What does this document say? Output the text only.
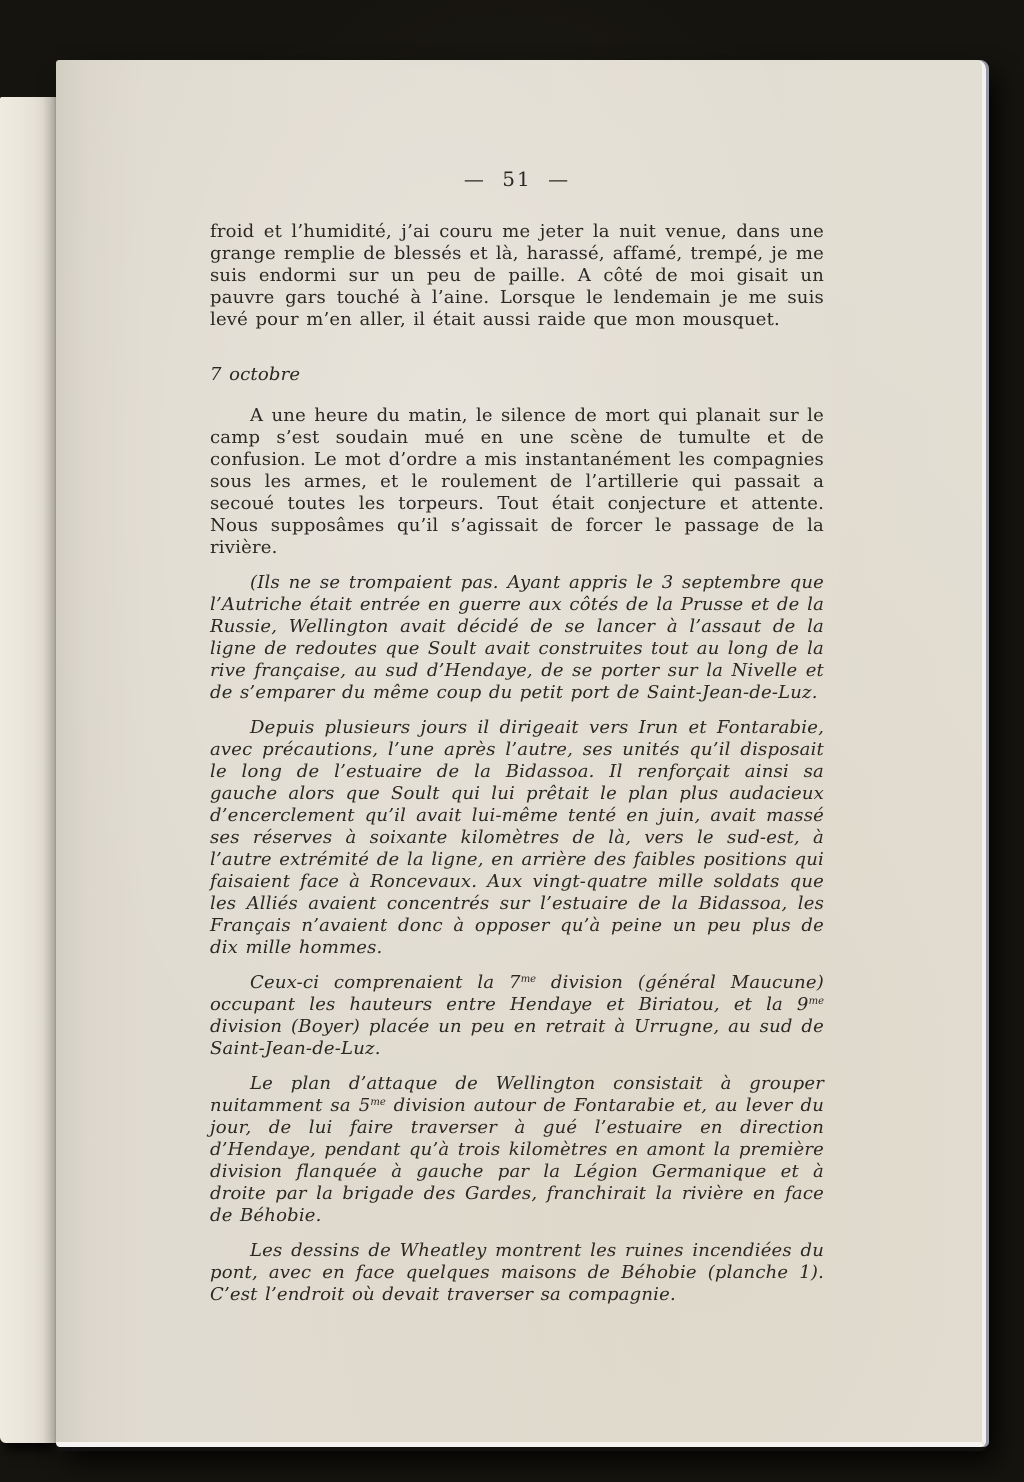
— 51 —

froid et l’humidité, j’ai couru me jeter la nuit venue, dans une grange remplie de blessés et là, harassé, affamé, trempé, je me suis endormi sur un peu de paille. A côté de moi gisait un pauvre gars touché à l’aine. Lorsque le lendemain je me suis levé pour m’en aller, il était aussi raide que mon mousquet.

7 octobre

A une heure du matin, le silence de mort qui planait sur le camp s’est soudain mué en une scène de tumulte et de confusion. Le mot d’ordre a mis instantanément les compagnies sous les armes, et le roulement de l’artillerie qui passait a secoué toutes les torpeurs. Tout était conjecture et attente. Nous supposâmes qu’il s’agissait de forcer le passage de la rivière.

(Ils ne se trompaient pas. Ayant appris le 3 septembre que l’Autriche était entrée en guerre aux côtés de la Prusse et de la Russie, Wellington avait décidé de se lancer à l’assaut de la ligne de redoutes que Soult avait construites tout au long de la rive française, au sud d’Hendaye, de se porter sur la Nivelle et de s’emparer du même coup du petit port de Saint-Jean-de-Luz.

Depuis plusieurs jours il dirigeait vers Irun et Fontarabie, avec précautions, l’une après l’autre, ses unités qu’il disposait le long de l’estuaire de la Bidassoa. Il renforçait ainsi sa gauche alors que Soult qui lui prêtait le plan plus audacieux d’encerclement qu’il avait lui-même tenté en juin, avait massé ses réserves à soixante kilomètres de là, vers le sud-est, à l’autre extrémité de la ligne, en arrière des faibles positions qui faisaient face à Roncevaux. Aux vingt-quatre mille soldats que les Alliés avaient concentrés sur l’estuaire de la Bidassoa, les Français n’avaient donc à opposer qu’à peine un peu plus de dix mille hommes.

Ceux-ci comprenaient la $7^{me}$ division (général Maucune) occupant les hauteurs entre Hendaye et Biriatou, et la $9^{me}$ division (Boyer) placée un peu en retrait à Urrugne, au sud de Saint-Jean-de-Luz.

Le plan d’attaque de Wellington consistait à grouper nuitamment sa $5^{me}$ division autour de Fontarabie et, au lever du jour, de lui faire traverser à gué l’estuaire en direction d’Hendaye, pendant qu’à trois kilomètres en amont la première division flanquée à gauche par la Légion Germanique et à droite par la brigade des Gardes, franchirait la rivière en face de Béhobie.

Les dessins de Wheatley montrent les ruines incendiées du pont, avec en face quelques maisons de Béhobie (planche 1). C’est l’endroit où devait traverser sa compagnie.
